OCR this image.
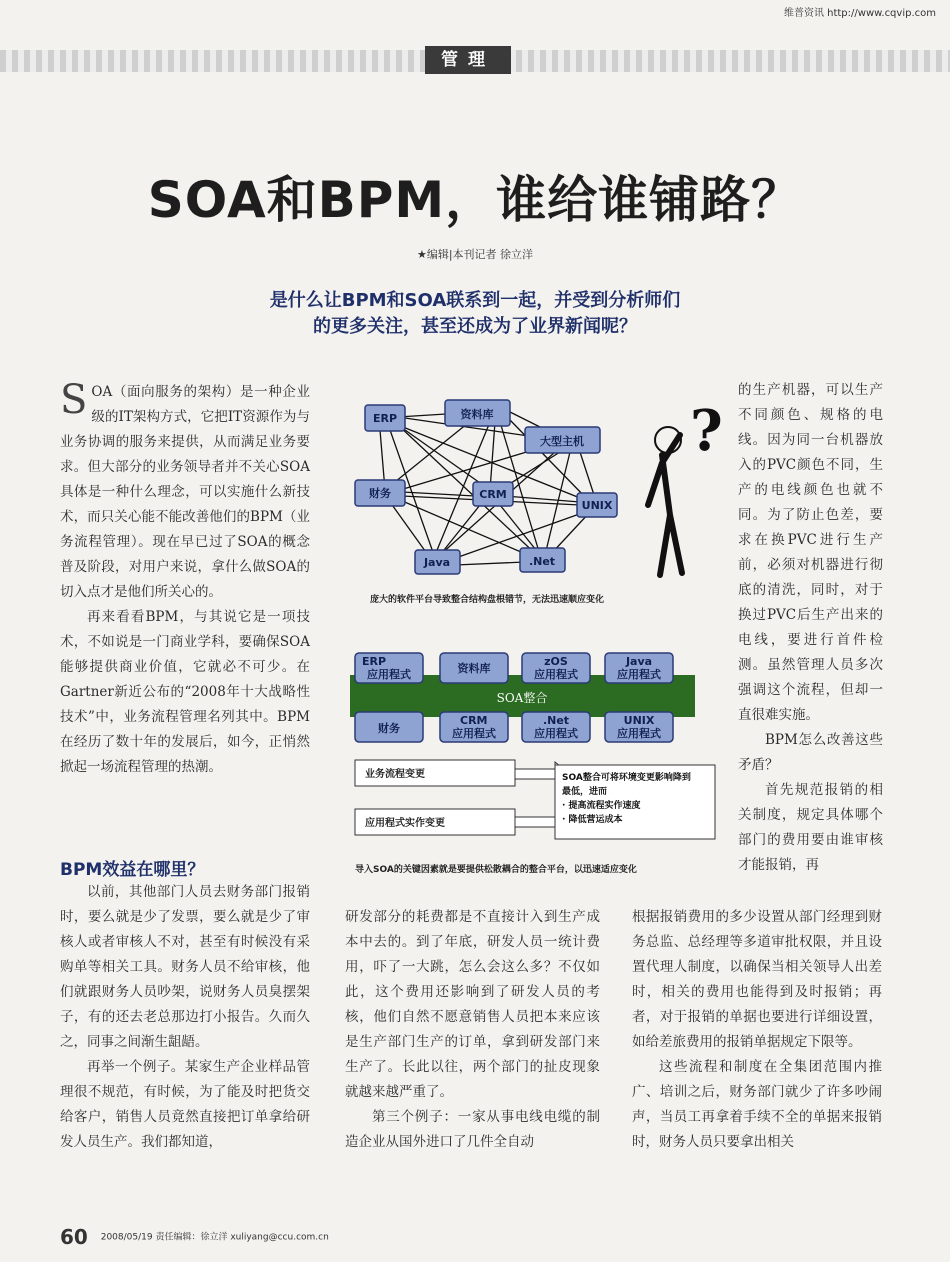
维普资讯 http://www.cqvip.com
管理
SOA和BPM，谁给谁铺路？
★编辑|本刊记者 徐立洋
是什么让BPM和SOA联系到一起，并受到分析师们
的更多关注，甚至还成为了业界新闻呢？

SOA（面向服务的架构）是一种企业级的IT架构方式，它把IT资源作为与业务协调的服务来提供，从而满足业务要求。但大部分的业务领导者并不关心SOA具体是一种什么理念，可以实施什么新技术，而只关心能不能改善他们的BPM（业务流程管理）。现在早已过了SOA的概念普及阶段，对用户来说，拿什么做SOA的切入点才是他们所关心的。

再来看看BPM，与其说它是一项技术，不如说是一门商业学科，要确保SOA能够提供商业价值，它就必不可少。在Gartner新近公布的“2008年十大战略性技术”中，业务流程管理名列其中。BPM在经历了数十年的发展后，如今，正悄然掀起一场流程管理的热潮。

BPM效益在哪里？

以前，其他部门人员去财务部门报销时，要么就是少了发票，要么就是少了审核人或者审核人不对，甚至有时候没有采购单等相关工具。财务人员不给审核，他们就跟财务人员吵架，说财务人员臭摆架子，有的还去老总那边打小报告。久而久之，同事之间渐生龃龉。

再举一个例子。某家生产企业样品管理很不规范，有时候，为了能及时把货交给客户，销售人员竟然直接把订单拿给研发人员生产。我们都知道，

研发部分的耗费都是不直接计入到生产成本中去的。到了年底，研发人员一统计费用，吓了一大跳，怎么会这么多？不仅如此，这个费用还影响到了研发人员的考核，他们自然不愿意销售人员把本来应该是生产部门生产的订单，拿到研发部门来生产了。长此以往，两个部门的扯皮现象就越来越严重了。

第三个例子：一家从事电线电缆的制造企业从国外进口了几件全自动

根据报销费用的多少设置从部门经理到财务总监、总经理等多道审批权限，并且设置代理人制度，以确保当相关领导人出差时，相关的费用也能得到及时报销；再者，对于报销的单据也要进行详细设置，如给差旅费用的报销单据规定下限等。

这些流程和制度在全集团范围内推广、培训之后，财务部门就少了许多吵闹声，当员工再拿着手续不全的单据来报销时，财务人员只要拿出相关

的生产机器，可以生产不同颜色、规格的电线。因为同一台机器放入的PVC颜色不同，生产的电线颜色也就不同。为了防止色差，要求在换PVC进行生产前，必须对机器进行彻底的清洗，同时，对于换过PVC后生产出来的电线，要进行首件检测。虽然管理人员多次强调这个流程，但却一直很难实施。

BPM怎么改善这些矛盾？

首先规范报销的相关制度，规定具体哪个部门的费用要由谁审核才能报销，再

ERP	资料库
大型主机
财务	CRM
UNIX
Java	.Net
?
庞大的软件平台导致整合结构盘根错节，无法迅速顺应变化
SOA整合
ERP
应用程式	资料库
zOS
应用程式
Java
应用程式
财务
CRM
应用程式
.Net
应用程式
UNIX
应用程式
业务流程变更
应用程式实作变更
SOA整合可将环境变更影响降到
最低，进而
· 提高流程实作速度
· 降低营运成本
导入SOA的关键因素就是要提供松散耦合的整合平台，以迅速适应变化
60 2008/05/19 责任编辑：徐立洋 xuliyang@ccu.com.cn
